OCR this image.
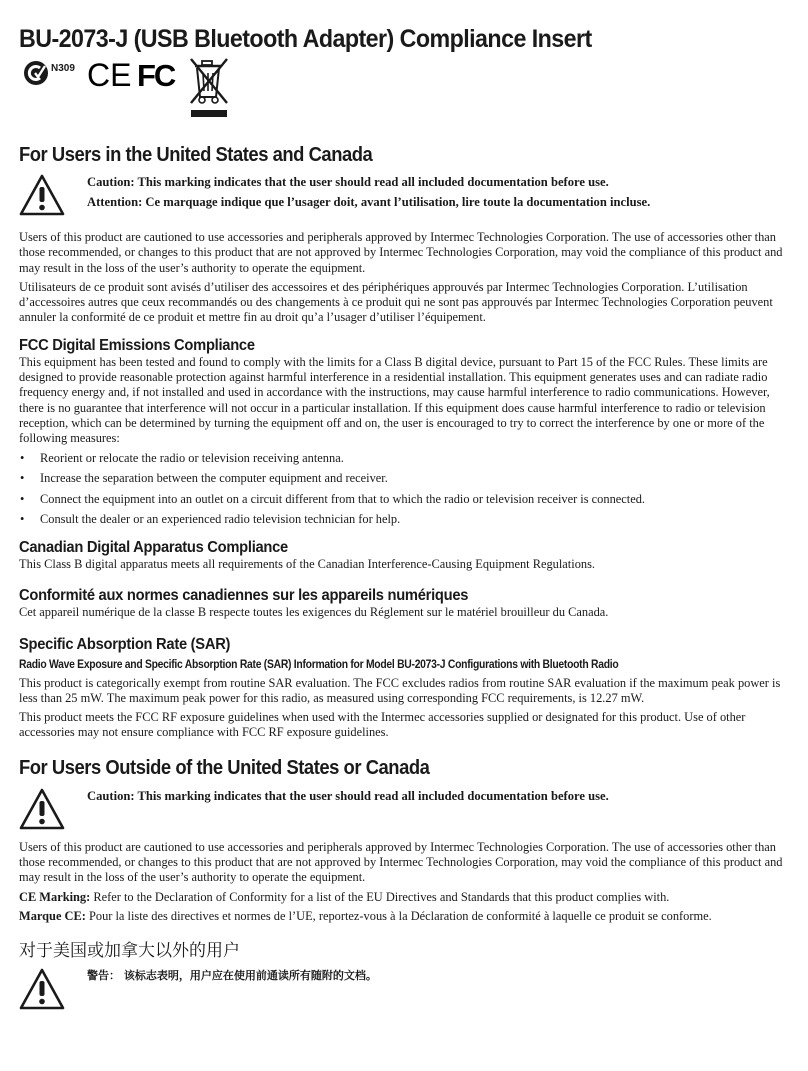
BU-2073-J (USB Bluetooth Adapter) Compliance Insert
N309 CE FC
For Users in the United States and Canada

Caution: This marking indicates that the user should read all included documentation before use.

Attention: Ce marquage indique que l’usager doit, avant l’utilisation, lire toute la documentation incluse.

Users of this product are cautioned to use accessories and peripherals approved by Intermec Technologies Corporation. The use of accessories other than those recommended, or changes to this product that are not approved by Intermec Technologies Corporation, may void the compliance of this product and may result in the loss of the user’s authority to operate the equipment.

Utilisateurs de ce produit sont avisés d’utiliser des accessoires et des périphériques approuvés par Intermec Technologies Corporation. L’utilisation d’accessoires autres que ceux recommandés ou des changements à ce produit qui ne sont pas approuvés par Intermec Technologies Corporation peuvent annuler la conformité de ce produit et mettre fin au droit qu’a l’usager d’utiliser l’équipement.

FCC Digital Emissions Compliance

This equipment has been tested and found to comply with the limits for a Class B digital device, pursuant to Part 15 of the FCC Rules. These limits are designed to provide reasonable protection against harmful interference in a residential installation. This equipment generates uses and can radiate radio frequency energy and, if not installed and used in accordance with the instructions, may cause harmful interference to radio communications. However, there is no guarantee that interference will not occur in a particular installation. If this equipment does cause harmful interference to radio or television reception, which can be determined by turning the equipment off and on, the user is encouraged to try to correct the interference by one or more of the following measures:

• Reorient or relocate the radio or television receiving antenna.
• Increase the separation between the computer equipment and receiver.
• Connect the equipment into an outlet on a circuit different from that to which the radio or television receiver is connected.
• Consult the dealer or an experienced radio television technician for help.
Canadian Digital Apparatus Compliance

This Class B digital apparatus meets all requirements of the Canadian Interference-Causing Equipment Regulations.

Conformité aux normes canadiennes sur les appareils numériques

Cet appareil numérique de la classe B respecte toutes les exigences du Réglement sur le matériel brouilleur du Canada.

Specific Absorption Rate (SAR)
Radio Wave Exposure and Specific Absorption Rate (SAR) Information for Model BU-2073-J Configurations with Bluetooth Radio

This product is categorically exempt from routine SAR evaluation. The FCC excludes radios from routine SAR evaluation if the maximum peak power is less than 25 mW. The maximum peak power for this radio, as measured using corresponding FCC requirements, is 12.27 mW.

This product meets the FCC RF exposure guidelines when used with the Intermec accessories supplied or designated for this product. Use of other accessories may not ensure compliance with FCC RF exposure guidelines.

For Users Outside of the United States or Canada

Caution: This marking indicates that the user should read all included documentation before use.

Users of this product are cautioned to use accessories and peripherals approved by Intermec Technologies Corporation. The use of accessories other than those recommended, or changes to this product that are not approved by Intermec Technologies Corporation, may void the compliance of this product and may result in the loss of the user’s authority to operate the equipment.

CE Marking: Refer to the Declaration of Conformity for a list of the EU Directives and Standards that this product complies with.

Marque CE: Pour la liste des directives et normes de l’UE, reportez-vous à la Déclaration de conformité à laquelle ce produit se conforme.

对于美国或加拿大以外的用户
警告： 该标志表明，用户应在使用前通读所有随附的文档。
